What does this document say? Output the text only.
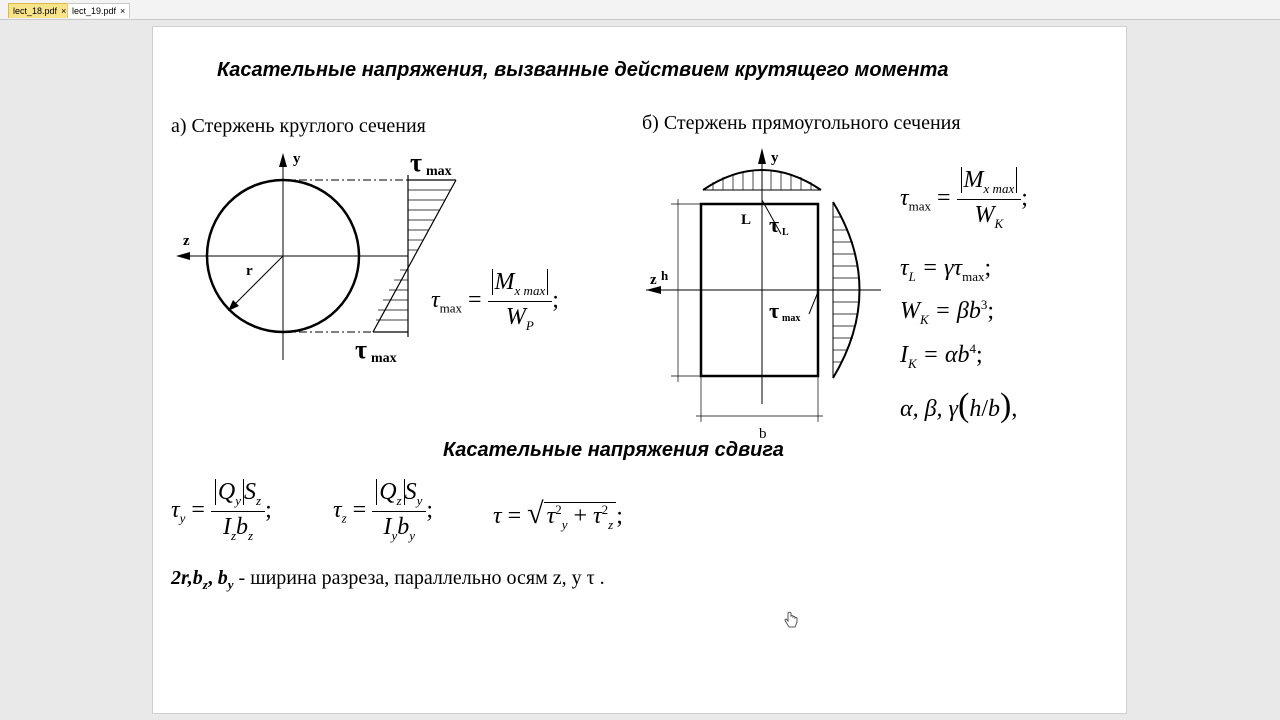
lect_18.pdf × lect_19.pdf ×
Касательные напряжения, вызванные действием крутящего момента
а) Стержень круглого сечения	б) Стержень прямоугольного сечения
y
z
r
τ max
τ max
$\tau_{max} = \frac{M_{x max}}{W_P}$ ;
y
z h
b
L τ L
τ max
$\tau_{max} = \frac{M_{x max}}{W_K}$ ;
$\tau_L = \gamma\tau_{max}$;
$W_K = \beta b^3$;
$I_K = \alpha b^4$;
α, β, γ(h/b),
Касательные напряжения сдвига
$\tau_y = \frac{Q_y S_z}{I_zb_z}$ ;	$\tau_z = \frac{Q_z S_y}{I_yb_y}$ ; τ = √ $\tau^2_y + \tau^2_z$ ;
$2r,b_z$, $b_y$ - ширина разреза, параллельно осям z, y τ .
